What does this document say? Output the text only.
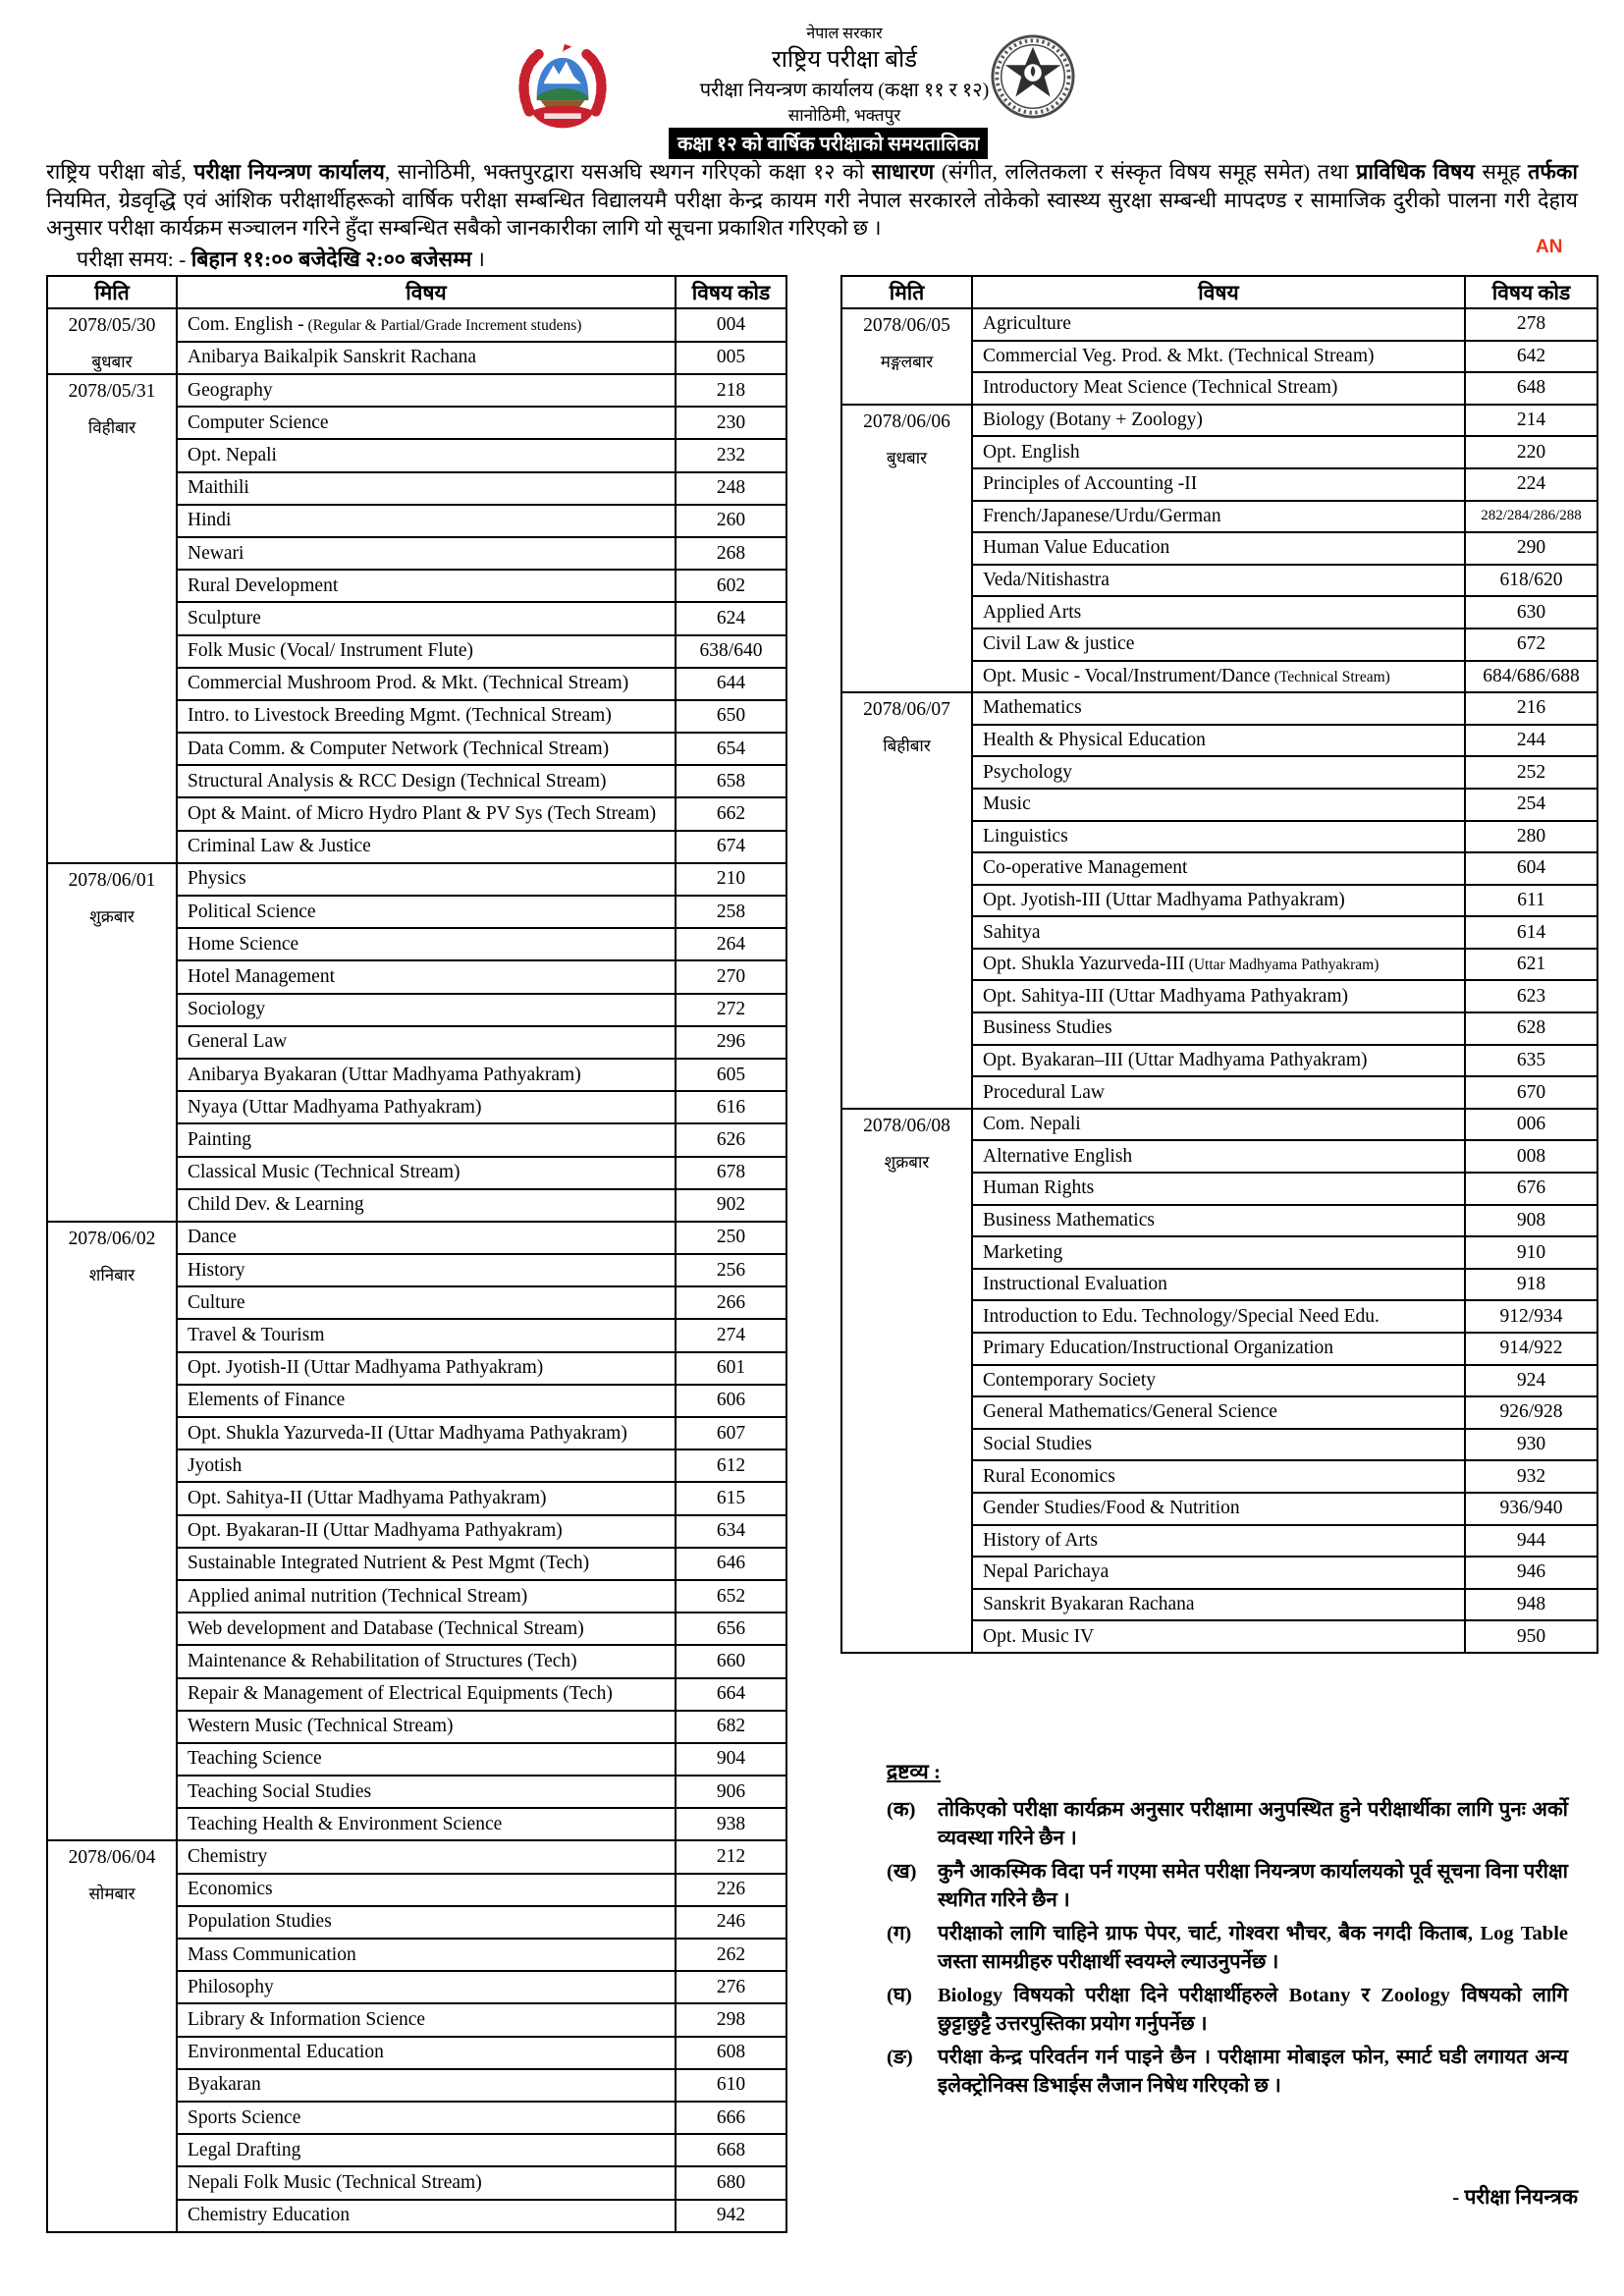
नेपाल सरकार
राष्ट्रिय परीक्षा बोर्ड
परीक्षा नियन्त्रण कार्यालय (कक्षा ११ र १२)
सानोठिमी, भक्तपुर
कक्षा १२ को वार्षिक परीक्षाको समयतालिका
राष्ट्रिय परीक्षा बोर्ड, परीक्षा नियन्त्रण कार्यालय, सानोठिमी, भक्तपुरद्वारा यसअघि स्थगन गरिएको कक्षा १२ को साधारण (संगीत, ललितकला र संस्कृत विषय समूह समेत) तथा प्राविधिक विषय समूह तर्फका नियमित, ग्रेडवृद्धि एवं आंशिक परीक्षार्थीहरूको वार्षिक परीक्षा सम्बन्धित विद्यालयमै परीक्षा केन्द्र कायम गरी नेपाल सरकारले तोकेको स्वास्थ्य सुरक्षा सम्बन्धी मापदण्ड र सामाजिक दुरीको पालना गरी देहाय अनुसार परीक्षा कार्यक्रम सञ्चालन गरिने हुँदा सम्बन्धित सबैको जानकारीका लागि यो सूचना प्रकाशित गरिएको छ ।
परीक्षा समय: - बिहान ११:०० बजेदेखि २:०० बजेसम्म ।
AN
मिति	विषय	विषय कोड

2078/05/30
बुधबार	Com. English - (Regular & Partial/Grade Increment studens)	004
	Anibarya Baikalpik Sanskrit Rachana	005

2078/05/31
विहीबार	Geography	218
	Computer Science	230
	Opt. Nepali	232
	Maithili	248
	Hindi	260
	Newari	268
	Rural Development	602
	Sculpture	624
	Folk Music (Vocal/ Instrument Flute)	638/640
	Commercial Mushroom Prod. & Mkt. (Technical Stream)	644
	Intro. to Livestock Breeding Mgmt. (Technical Stream)	650
	Data Comm. & Computer Network (Technical Stream)	654
	Structural Analysis & RCC Design (Technical Stream)	658
	Opt & Maint. of Micro Hydro Plant & PV Sys (Tech Stream)	662
	Criminal Law & Justice	674

2078/06/01
शुक्रबार	Physics	210
	Political Science	258
	Home Science	264
	Hotel Management	270
	Sociology	272
	General Law	296
	Anibarya Byakaran (Uttar Madhyama Pathyakram)	605
	Nyaya (Uttar Madhyama Pathyakram)	616
	Painting	626
	Classical Music (Technical Stream)	678
	Child Dev. & Learning	902

2078/06/02
शनिबार	Dance	250
	History	256
	Culture	266
	Travel & Tourism	274
	Opt. Jyotish-II (Uttar Madhyama Pathyakram)	601
	Elements of Finance	606
	Opt. Shukla Yazurveda-II (Uttar Madhyama Pathyakram)	607
	Jyotish	612
	Opt. Sahitya-II (Uttar Madhyama Pathyakram)	615
	Opt. Byakaran-II (Uttar Madhyama Pathyakram)	634
	Sustainable Integrated Nutrient & Pest Mgmt (Tech)	646
	Applied animal nutrition (Technical Stream)	652
	Web development and Database (Technical Stream)	656
	Maintenance & Rehabilitation of Structures (Tech)	660
	Repair & Management of Electrical Equipments (Tech)	664
	Western Music (Technical Stream)	682
	Teaching Science	904
	Teaching Social Studies	906
	Teaching Health & Environment Science	938

2078/06/04
सोमबार	Chemistry	212
	Economics	226
	Population Studies	246
	Mass Communication	262
	Philosophy	276
	Library & Information Science	298
	Environmental Education	608
	Byakaran	610
	Sports Science	666
	Legal Drafting	668
	Nepali Folk Music (Technical Stream)	680
	Chemistry Education	942
मिति	विषय	विषय कोड

2078/06/05
मङ्गलबार	Agriculture	278
	Commercial Veg. Prod. & Mkt. (Technical Stream)	642
	Introductory Meat Science (Technical Stream)	648

2078/06/06
बुधबार	Biology (Botany + Zoology)	214
	Opt. English	220
	Principles of Accounting -II	224
	French/Japanese/Urdu/German	282/284/286/288
	Human Value Education	290
	Veda/Nitishastra	618/620
	Applied Arts	630
	Civil Law & justice	672
	Opt. Music - Vocal/Instrument/Dance (Technical Stream)	684/686/688

2078/06/07
बिहीबार	Mathematics	216
	Health & Physical Education	244
	Psychology	252
	Music	254
	Linguistics	280
	Co-operative Management	604
	Opt. Jyotish-III (Uttar Madhyama Pathyakram)	611
	Sahitya	614
	Opt. Shukla Yazurveda-III (Uttar Madhyama Pathyakram)	621
	Opt. Sahitya-III (Uttar Madhyama Pathyakram)	623
	Business Studies	628
	Opt. Byakaran–III (Uttar Madhyama Pathyakram)	635
	Procedural Law	670

2078/06/08
शुक्रबार	Com. Nepali	006
	Alternative English	008
	Human Rights	676
	Business Mathematics	908
	Marketing	910
	Instructional Evaluation	918
	Introduction to Edu. Technology/Special Need Edu.	912/934
	Primary Education/Instructional Organization	914/922
	Contemporary Society	924
	General Mathematics/General Science	926/928
	Social Studies	930
	Rural Economics	932
	Gender Studies/Food & Nutrition	936/940
	History of Arts	944
	Nepal Parichaya	946
	Sanskrit Byakaran Rachana	948
	Opt. Music IV	950
द्रष्टव्य :
(क)	तोकिएको परीक्षा कार्यक्रम अनुसार परीक्षामा अनुपस्थित हुने परीक्षार्थीका लागि पुनः अर्को व्यवस्था गरिने छैन ।
(ख)	कुनै आकस्मिक विदा पर्न गएमा समेत परीक्षा नियन्त्रण कार्यालयको पूर्व सूचना विना परीक्षा स्थगित गरिने छैन ।
(ग)	परीक्षाको लागि चाहिने ग्राफ पेपर, चार्ट, गोश्वरा भौचर, बैक नगदी किताब, Log Table जस्ता सामग्रीहरु परीक्षार्थी स्वयम्ले ल्याउनुपर्नेछ ।
(घ)	Biology विषयको परीक्षा दिने परीक्षार्थीहरुले Botany र Zoology विषयको लागि छुट्टाछुट्टै उत्तरपुस्तिका प्रयोग गर्नुपर्नेछ ।
(ङ)	परीक्षा केन्द्र परिवर्तन गर्न पाइने छैन । परीक्षामा मोबाइल फोन, स्मार्ट घडी लगायत अन्य इलेक्ट्रोनिक्स डिभाईस लैजान निषेध गरिएको छ ।
- परीक्षा नियन्त्रक
